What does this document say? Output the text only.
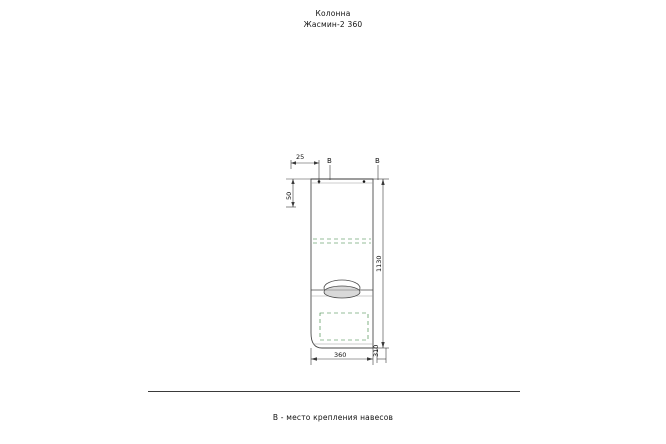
Колонна
Жасмин-2 360
B - место крепления навесов
25	B	B
50
1130
360	310
